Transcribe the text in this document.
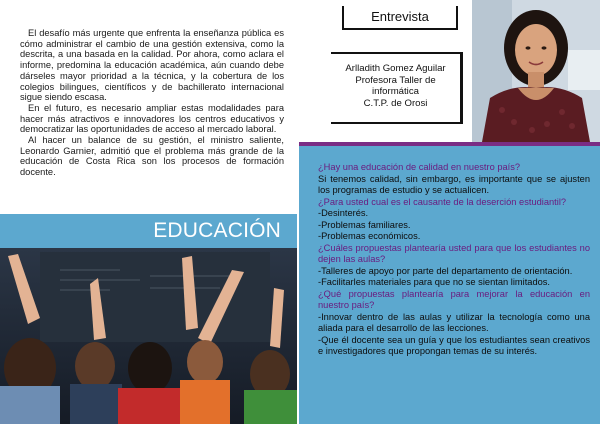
El desafío más urgente que enfrenta la enseñanza pública es cómo administrar el cambio de una gestión extensiva, como la descrita, a una basada en la calidad. Por ahora, como aclara el informe, predomina la educación académica, aún cuando debe dárseles mayor prioridad a la técnica, y la cobertura de los colegios bilingues, científicos y de bachillerato internacional sigue siendo escasa.

En el futuro, es necesario ampliar estas modalidades para hacer más atractivos e innovadores los centros educativos y democratizar las oportunidades de acceso al mercado laboral.

Al hacer un balance de su gestión, el ministro saliente, Leonardo Garnier, admitió que el problema más grande de la educación de Costa Rica son los procesos de formación docente.

EDUCACIÓN
Entrevista
Arlladith Gomez Aguilar
Profesora Taller de
informática
C.T.P. de Orosi
¿Hay una educación de calidad en nuestro país?
Si tenemos calidad, sin embargo, es importante que se ajusten los programas de estudio y se actualicen.
¿Para usted cual es el causante de la deserción estudiantil?
-Desinterés.
-Problemas familiares.
-Problemas económicos.
¿Cuáles propuestas plantearía usted para que los estudiantes no dejen las aulas?
-Talleres de apoyo por parte del departamento de orientación.
-Facilitarles materiales para que no se sientan limitados.
¿Qué propuestas plantearía para mejorar la educación en nuestro país?
-Innovar dentro de las aulas y utilizar la tecnología como una aliada para el desarrollo de las lecciones.
-Que él docente sea un guía y que los estudiantes sean creativos e investigadores que propongan temas de su interés.
